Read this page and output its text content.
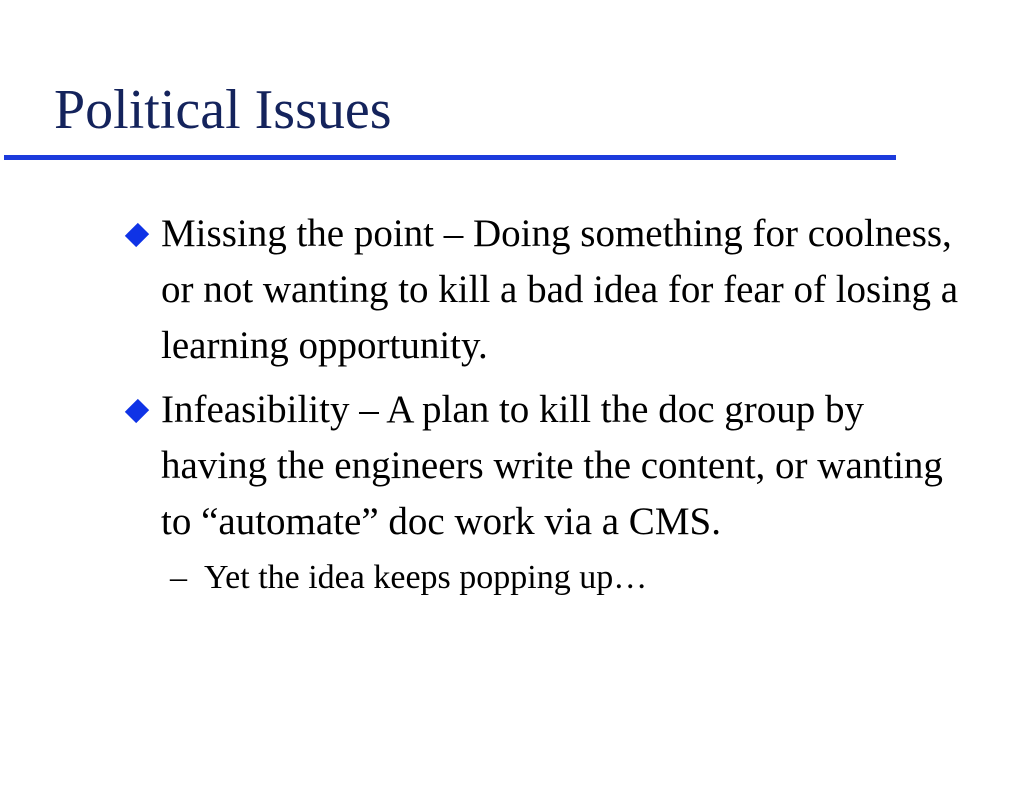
Political Issues
Missing the point – Doing something for coolness, or not wanting to kill a bad idea for fear of losing a learning opportunity.
Infeasibility – A plan to kill the doc group by having the engineers write the content, or wanting to “automate” doc work via a CMS.
– Yet the idea keeps popping up…
